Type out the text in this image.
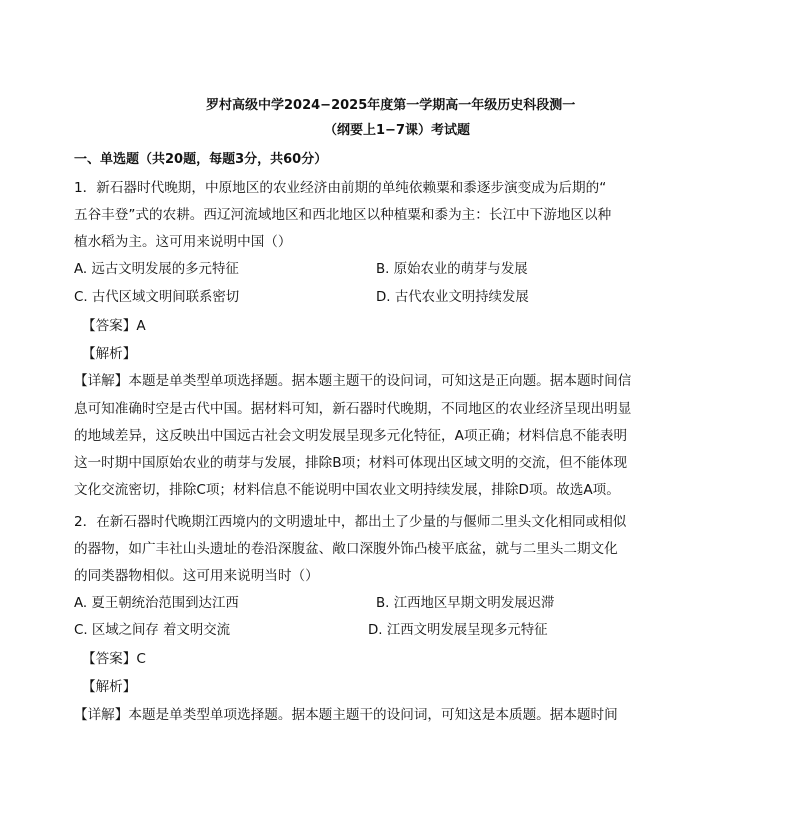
罗村高级中学2024−2025年度第一学期高一年级历史科段测一
（纲要上1−7课）考试题
一、单选题（共20题，每题3分，共60分）
1．新石器时代晚期，中原地区的农业经济由前期的单纯依赖粟和黍逐步演变成为后期的“
五谷丰登”式的农耕。西辽河流域地区和西北地区以种植粟和黍为主：长江中下游地区以种
植水稻为主。这可用来说明中国（）
A. 远古文明发展的多元特征	B. 原始农业的萌芽与发展
C. 古代区域文明间联系密切	D. 古代农业文明持续发展
【答案】A
【解析】
【详解】本题是单类型单项选择题。据本题主题干的设问词，可知这是正向题。据本题时间信
息可知准确时空是古代中国。据材料可知，新石器时代晚期，不同地区的农业经济呈现出明显
的地域差异，这反映出中国远古社会文明发展呈现多元化特征，A项正确；材料信息不能表明
这一时期中国原始农业的萌芽与发展，排除B项；材料可体现出区域文明的交流，但不能体现
文化交流密切，排除C项；材料信息不能说明中国农业文明持续发展，排除D项。故选A项。
2．在新石器时代晚期江西境内的文明遗址中，都出土了少量的与偃师二里头文化相同或相似
的器物，如广丰社山头遗址的卷沿深腹盆、敞口深腹外饰凸棱平底盆，就与二里头二期文化
的同类器物相似。这可用来说明当时（）
A. 夏王朝统治范围到达江西	B. 江西地区早期文明发展迟滞
C. 区域之间存 着文明交流	D. 江西文明发展呈现多元特征
【答案】C
【解析】
【详解】本题是单类型单项选择题。据本题主题干的设问词，可知这是本质题。据本题时间
